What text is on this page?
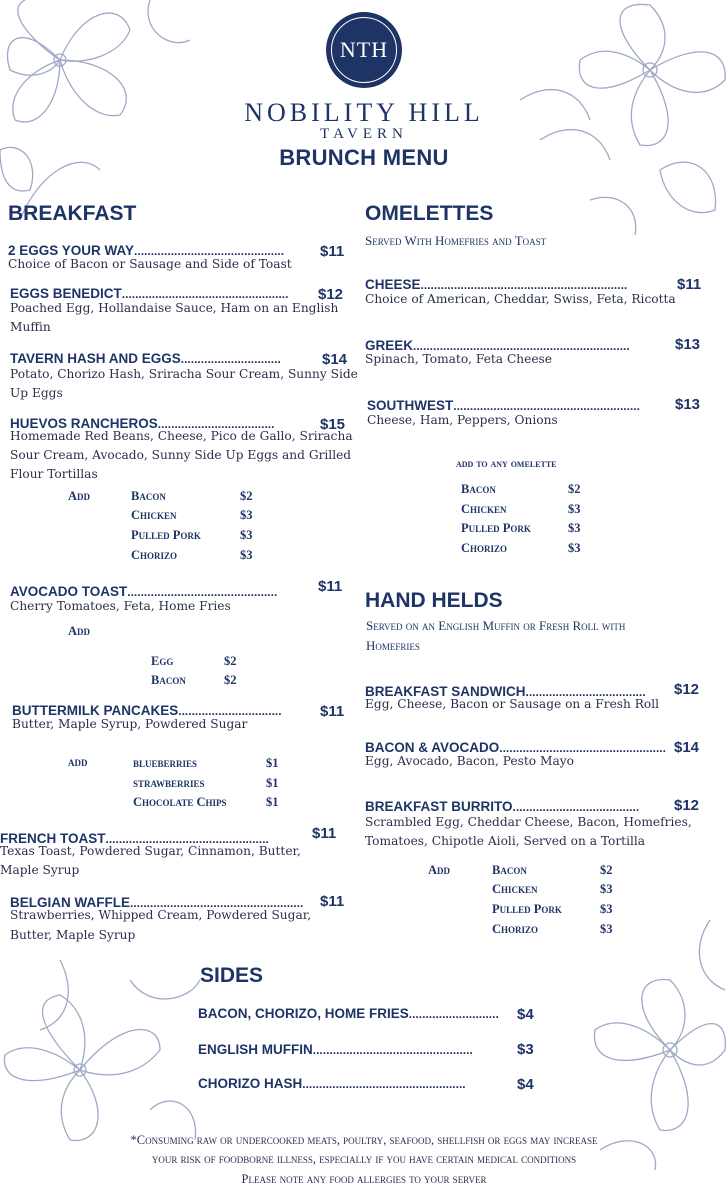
NTH
NOBILITY HILL
TAVERN
BRUNCH MENU
BREAKFAST
2 EGGS YOUR WAY............................................. $11
Choice of Bacon or Sausage and Side of Toast
EGGS BENEDICT.................................................. $12
Poached Egg, Hollandaise Sauce, Ham on an English
Muffin
TAVERN HASH AND EGGS..............................	$14
Potato, Chorizo Hash, Sriracha Sour Cream, Sunny Side
Up Eggs
HUEVOS RANCHEROS...................................	$15
Homemade Red Beans, Cheese, Pico de Gallo, Sriracha
Sour Cream, Avocado, Sunny Side Up Eggs and Grilled
Flour Tortillas
Add	Bacon	$2
Chicken	$3
Pulled Pork	$3
Chorizo	$3
AVOCADO TOAST.............................................	$11
Cherry Tomatoes, Feta, Home Fries
Add
Egg	$2
Bacon	$2
BUTTERMILK PANCAKES...............................	$11
Butter, Maple Syrup, Powdered Sugar
add	blueberries	$1
strawberries	$1
Chocolate Chips	$1
FRENCH TOAST.................................................	$11
Texas Toast, Powdered Sugar, Cinnamon, Butter,
Maple Syrup
BELGIAN WAFFLE.................................................... $11
Strawberries, Whipped Cream, Powdered Sugar,
Butter, Maple Syrup
OMELETTES
Served With Homefries and Toast
CHEESE..............................................................	$11
Choice of American, Cheddar, Swiss, Feta, Ricotta
GREEK.................................................................	$13
Spinach, Tomato, Feta Cheese
SOUTHWEST........................................................ $13
Cheese, Ham, Peppers, Onions
add to any omelette
Bacon	$2
Chicken	$3
Pulled Pork	$3
Chorizo	$3
HAND HELDS
Served on an English Muffin or Fresh Roll with
Homefries
BREAKFAST SANDWICH.................................... $12
Egg, Cheese, Bacon or Sausage on a Fresh Roll
BACON & AVOCADO.................................................. $14
Egg, Avocado, Bacon, Pesto Mayo
BREAKFAST BURRITO...................................... $12
Scrambled Egg, Cheddar Cheese, Bacon, Homefries,
Tomatoes, Chipotle Aioli, Served on a Tortilla
Add	Bacon	$2
Chicken	$3
Pulled Pork	$3
Chorizo	$3
SIDES
BACON, CHORIZO, HOME FRIES........................... $4
ENGLISH MUFFIN................................................	$3
CHORIZO HASH.................................................	$4
*Consuming raw or undercooked meats, poultry, seafood, shellfish or eggs may increase
your risk of foodborne illness, especially if you have certain medical conditions
Please note any food allergies to your server
